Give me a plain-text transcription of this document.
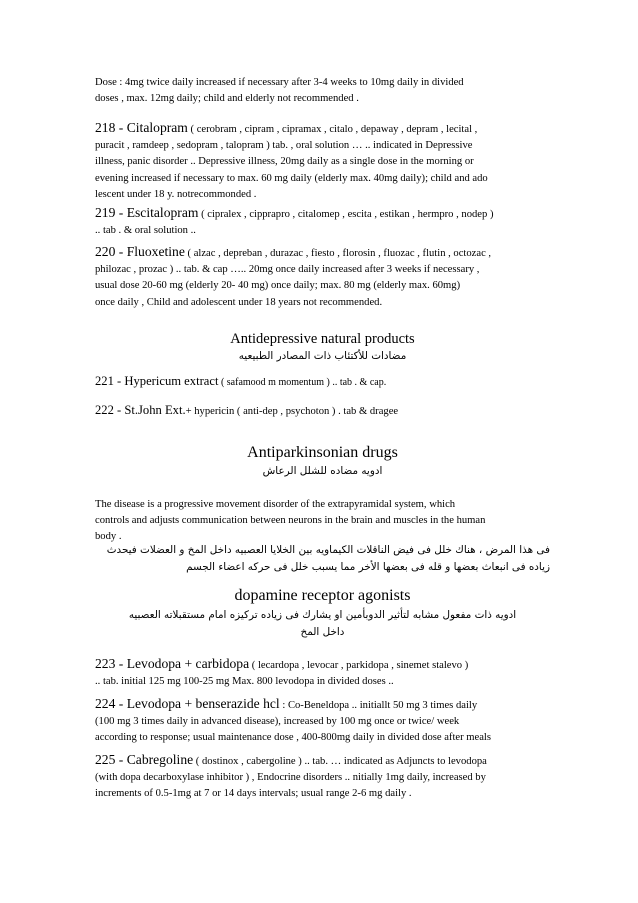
Dose : 4mg twice daily increased if necessary after 3-4 weeks to 10mg daily in divided
doses , max. 12mg daily; child and elderly not recommended .

218 - Citalopram ( cerobram , cipram , cipramax , citalo , depaway , depram , lecital ,
puracit , ramdeep , sedopram , talopram ) tab. , oral solution … .. indicated in Depressive
illness, panic disorder .. Depressive illness, 20mg daily as a single dose in the morning or
evening increased if necessary to max. 60 mg daily (elderly max. 40mg daily); child and ado
lescent under 18 y. notrecommonded .

219 - Escitalopram ( cipralex , cipprapro , citalomep , escita , estikan , hermpro , nodep )
.. tab . & oral solution ..

220 - Fluoxetine ( alzac , depreban , durazac , fiesto , florosin , fluozac , flutin , octozac ,
philozac , prozac ) .. tab. & cap ….. 20mg once daily increased after 3 weeks if necessary ,
usual dose 20-60 mg (elderly 20- 40 mg) once daily; max. 80 mg (elderly max. 60mg)
once daily , Child and adolescent under 18 years not recommended.

Antidepressive natural products

مضادات للأكتئاب ذات المصادر الطبيعيه

221 - Hypericum extract ( safamood m momentum ) .. tab . & cap.

222 - St.John Ext.+ hypericin ( anti-dep , psychoton ) . tab & dragee

Antiparkinsonian drugs

ادويه مضاده للشلل الرعاش

The disease is a progressive movement disorder of the extrapyramidal system, which
controls and adjusts communication between neurons in the brain and muscles in the human
body .

فى هذا المرض ، هناك خلل فى فيض الناقلات الكيماويه بين الخلايا العصبيه داخل المخ و العضلات فيحدث
زياده فى انبعاث بعضها و قله فى بعضها الأخر مما يسبب خلل فى حركه اعضاء الجسم

dopamine receptor agonists

ادويه ذات مفعول مشابه لتأثير الدوبأمين او يشارك فى زياده تركيزه امام مستقبلاته العصبيه
داخل المخ

223 - Levodopa + carbidopa ( lecardopa , levocar , parkidopa , sinemet stalevo )
.. tab. initial 125 mg 100-25 mg Max. 800 levodopa in divided doses ..

224 - Levodopa + benserazide hcl : Co-Beneldopa .. initiallt 50 mg 3 times daily
(100 mg 3 times daily in advanced disease), increased by 100 mg once or twice/ week
according to response; usual maintenance dose , 400-800mg daily in divided dose after meals

225 - Cabregoline ( dostinox , cabergoline ) .. tab. … indicated as Adjuncts to levodopa
(with dopa decarboxylase inhibitor ) , Endocrine disorders .. nitially 1mg daily, increased by
increments of 0.5-1mg at 7 or 14 days intervals; usual range 2-6 mg daily .
